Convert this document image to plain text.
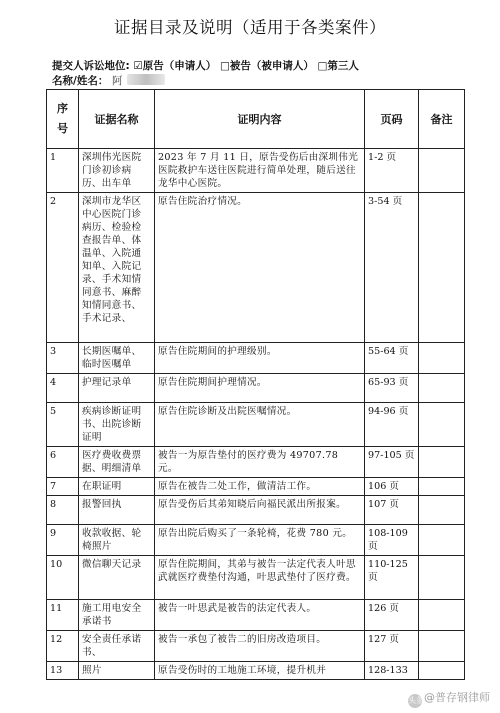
证据目录及说明（适用于各类案件）
提交人诉讼地位: ☑原告（申请人） □被告（被申请人） □第三人
名称/姓名： 阿
序
号	证据名称	证明内容	页码	备注
1	深圳伟光医院门诊初诊病历、出车单	2023 年 7 月 11 日，原告受伤后由深圳伟光医院救护车送往医院进行简单处理，随后送往龙华中心医院。	1-2 页	
2	深圳市龙华区中心医院门诊病历、检验检查报告单、体温单、入院通知单、入院记录、手术知情同意书、麻醉知情同意书、手术记录、	原告住院治疗情况。	3-54 页	
3	长期医嘱单、临时医嘱单	原告住院期间的护理级别。	55-64 页	
4	护理记录单	原告住院期间护理情况。	65-93 页	
5	疾病诊断证明书、出院诊断证明	原告住院诊断及出院医嘱情况。	94-96 页	
6	医疗费收费票据、明细清单	被告一为原告垫付的医疗费为 49707.78 元。	97-105 页	
7	在职证明	原告在被告二处工作，做清洁工作。	106 页	
8	报警回执	原告受伤后其弟知晓后向福民派出所报案。	107 页	
9	收款收据、轮椅照片	原告出院后购买了一条轮椅，花费 780 元。	108-109 页	
10	微信聊天记录	原告住院期间，其弟与被告一法定代表人叶思武就医疗费垫付沟通，叶思武垫付了医疗费。	110-125 页	
11	施工用电安全承诺书	被告一叶思武是被告的法定代表人。	126 页	
12	安全责任承诺书、	被告一承包了被告二的旧房改造项目。	127 页	
13	照片	原告受伤时的工地施工环境，提升机并	128-133	
头条@普存钢律师
